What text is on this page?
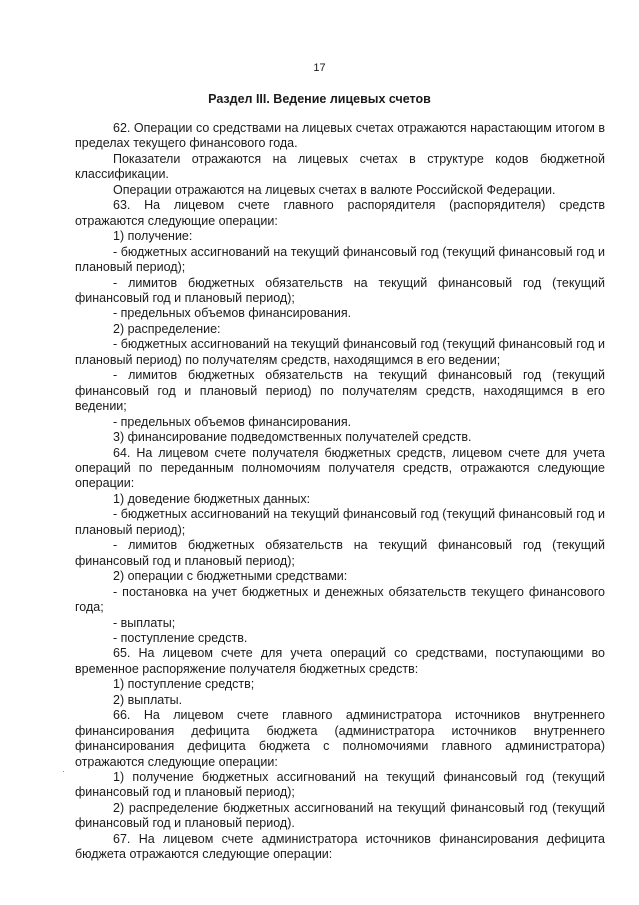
17
Раздел III. Ведение лицевых счетов

62. Операции со средствами на лицевых счетах отражаются нарастающим итогом в пределах текущего финансового года.

Показатели отражаются на лицевых счетах в структуре кодов бюджетной классификации.

Операции отражаются на лицевых счетах в валюте Российской Федерации.

63. На лицевом счете главного распорядителя (распорядителя) средств отражаются следующие операции:

1) получение:

- бюджетных ассигнований на текущий финансовый год (текущий финансовый год и плановый период);

- лимитов бюджетных обязательств на текущий финансовый год (текущий финансовый год и плановый период);

- предельных объемов финансирования.

2) распределение:

- бюджетных ассигнований на текущий финансовый год (текущий финансовый год и плановый период) по получателям средств, находящимся в его ведении;

- лимитов бюджетных обязательств на текущий финансовый год (текущий финансовый год и плановый период) по получателям средств, находящимся в его ведении;

- предельных объемов финансирования.

3) финансирование подведомственных получателей средств.

64. На лицевом счете получателя бюджетных средств, лицевом счете для учета операций по переданным полномочиям получателя средств, отражаются следующие операции:

1) доведение бюджетных данных:

- бюджетных ассигнований на текущий финансовый год (текущий финансовый год и плановый период);

- лимитов бюджетных обязательств на текущий финансовый год (текущий финансовый год и плановый период);

2) операции с бюджетными средствами:

- постановка на учет бюджетных и денежных обязательств текущего финансового года;

- выплаты;

- поступление средств.

65. На лицевом счете для учета операций со средствами, поступающими во временное распоряжение получателя бюджетных средств:

1) поступление средств;

2) выплаты.

66. На лицевом счете главного администратора источников внутреннего финансирования дефицита бюджета (администратора источников внутреннего финансирования дефицита бюджета с полномочиями главного администратора) отражаются следующие операции:

1) получение бюджетных ассигнований на текущий финансовый год (текущий финансовый год и плановый период);

2) распределение бюджетных ассигнований на текущий финансовый год (текущий финансовый год и плановый период).

67. На лицевом счете администратора источников финансирования дефицита бюджета отражаются следующие операции:
